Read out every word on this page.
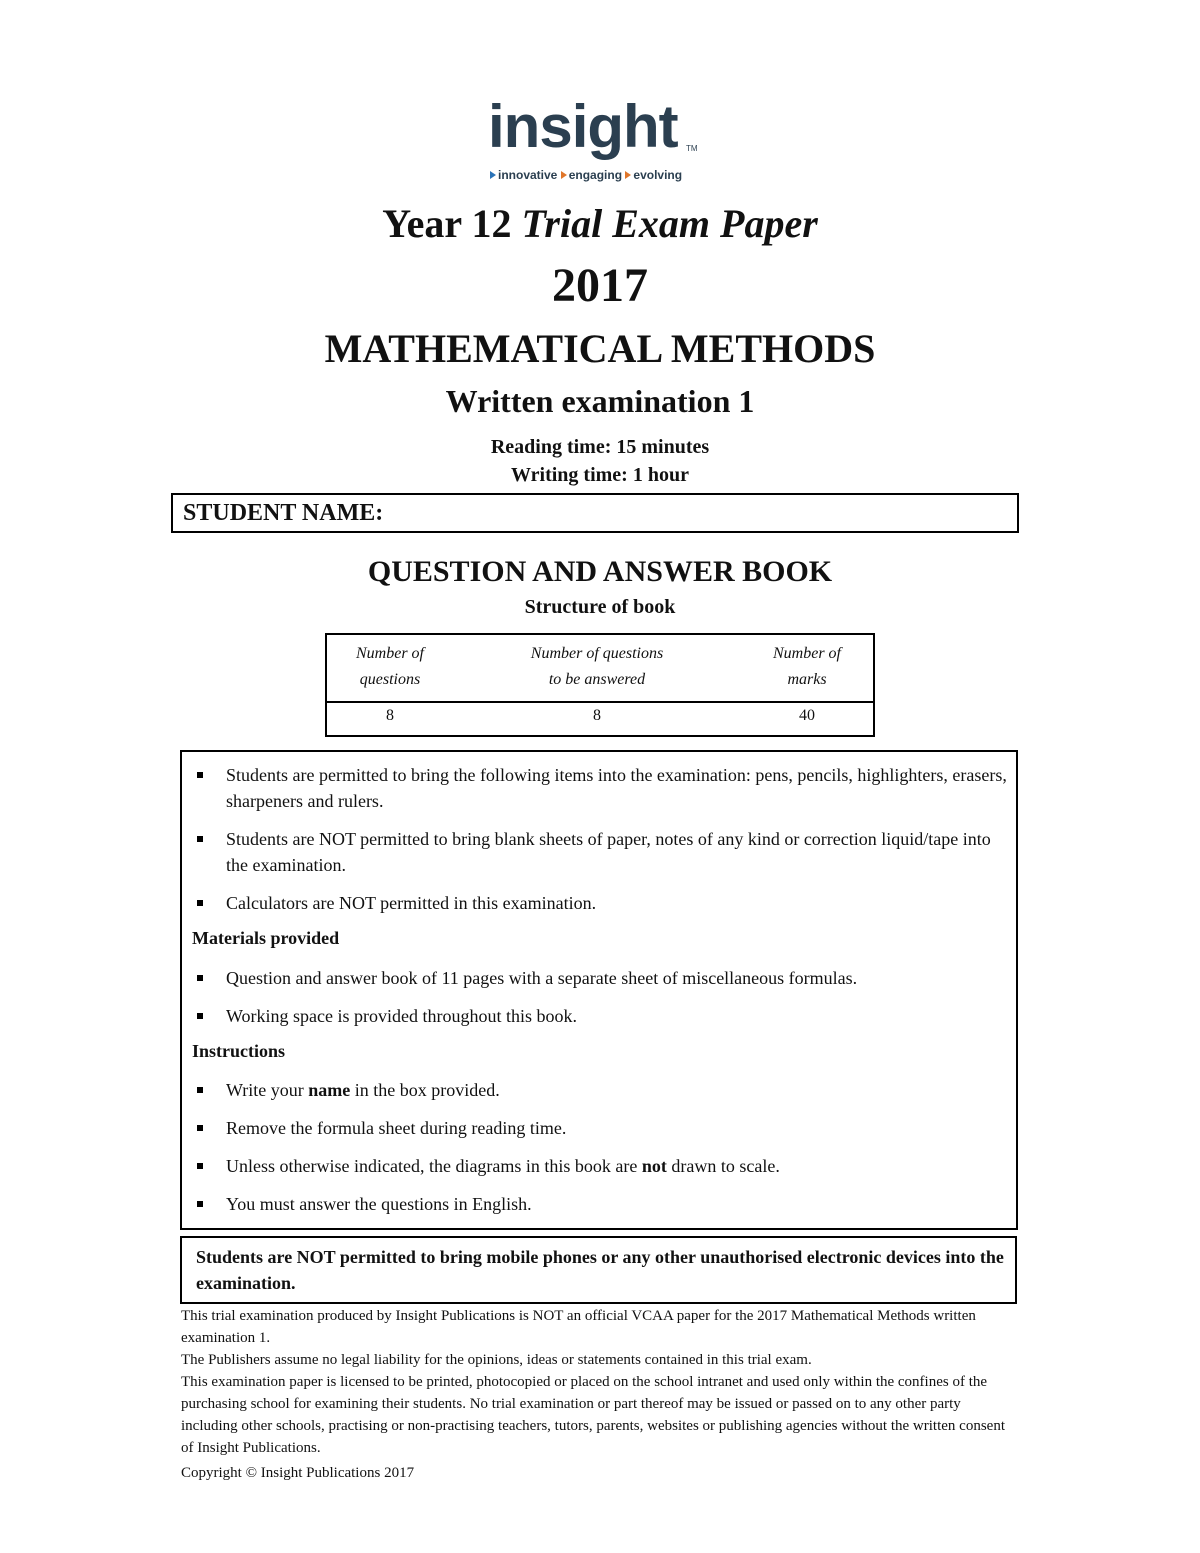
insight TM
innovative engaging evolving
Year 12 Trial Exam Paper
2017
MATHEMATICAL METHODS
Written examination 1
Reading time: 15 minutes
Writing time: 1 hour
STUDENT NAME:
QUESTION AND ANSWER BOOK
Structure of book
Number of
questions
Number of questions
to be answered
Number of
marks
8	8	40
Students are permitted to bring the following items into the examination: pens, pencils, highlighters, erasers, sharpeners and rulers.
Students are NOT permitted to bring blank sheets of paper, notes of any kind or correction liquid/tape into the examination.
Calculators are NOT permitted in this examination.
Materials provided
Question and answer book of 11 pages with a separate sheet of miscellaneous formulas.
Working space is provided throughout this book.
Instructions
Write your name in the box provided.
Remove the formula sheet during reading time.
Unless otherwise indicated, the diagrams in this book are not drawn to scale.
You must answer the questions in English.
Students are NOT permitted to bring mobile phones or any other unauthorised electronic devices into the examination.

This trial examination produced by Insight Publications is NOT an official VCAA paper for the 2017 Mathematical Methods written examination 1.

The Publishers assume no legal liability for the opinions, ideas or statements contained in this trial exam.

This examination paper is licensed to be printed, photocopied or placed on the school intranet and used only within the confines of the purchasing school for examining their students. No trial examination or part thereof may be issued or passed on to any other party including other schools, practising or non-practising teachers, tutors, parents, websites or publishing agencies without the written consent of Insight Publications.

Copyright © Insight Publications 2017
